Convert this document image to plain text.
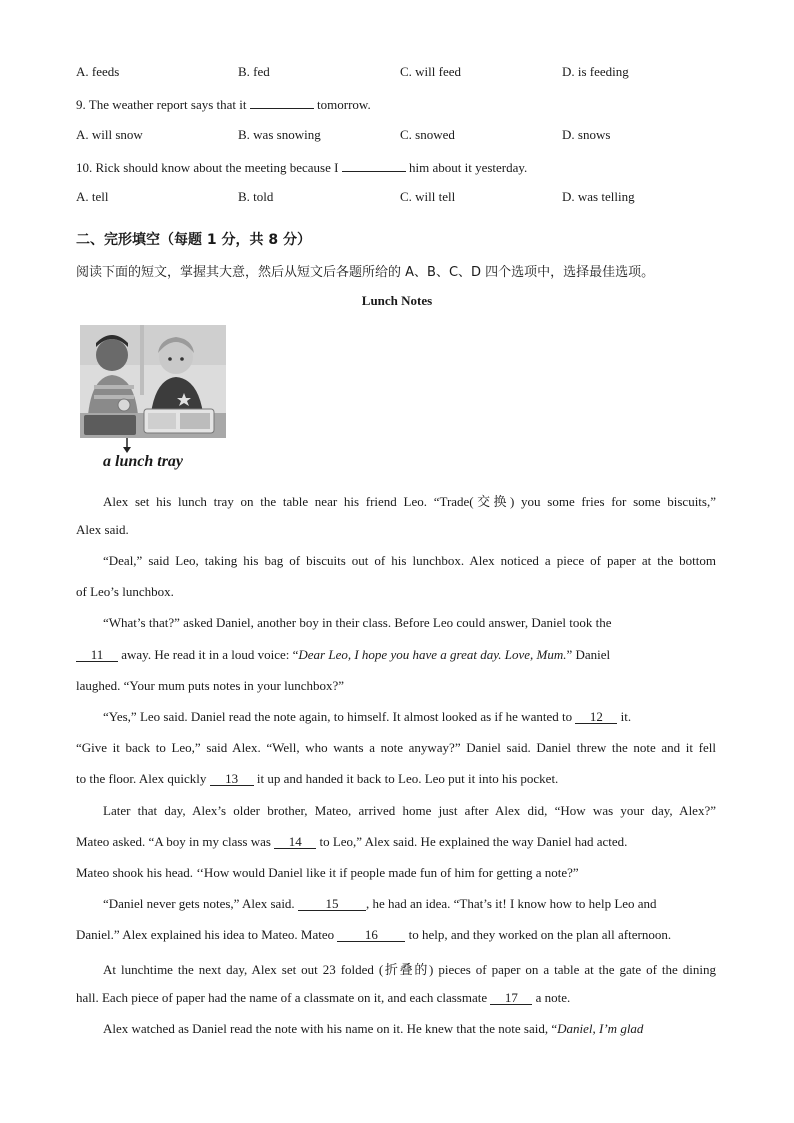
A. feeds	B. fed	C. will feed	D. is feeding
9. The weather report says that it	tomorrow.
A. will snow	B. was snowing	C. snowed	D. snows
10. Rick should know about the meeting because I	him about it yesterday.
A. tell	B. told	C. will tell	D. was telling
二、完形填空（每题 1 分，共 8 分）
阅读下面的短文，掌握其大意，然后从短文后各题所给的 A、B、C、D 四个选项中，选择最佳选项。
Lunch Notes
a lunch tray
Alex set his lunch tray on the table near his friend Leo. “Trade(交换) you some fries for some biscuits,”
Alex said.
“Deal,” said Leo, taking his bag of biscuits out of his lunchbox. Alex noticed a piece of paper at the bottom
of Leo’s lunchbox.
“What’s that?” asked Daniel, another boy in their class. Before Leo could answer, Daniel took the
11 away. He read it in a loud voice: “Dear Leo, I hope you have a great day. Love, Mum.” Daniel
laughed. “Your mum puts notes in your lunchbox?”
“Yes,” Leo said. Daniel read the note again, to himself. It almost looked as if he wanted to 12 it.
“Give it back to Leo,” said Alex. “Well, who wants a note anyway?” Daniel said. Daniel threw the note and it fell
to the floor. Alex quickly 13 it up and handed it back to Leo. Leo put it into his pocket.
Later that day, Alex’s older brother, Mateo, arrived home just after Alex did, “How was your day, Alex?”
Mateo asked. “A boy in my class was 14 to Leo,” Alex said. He explained the way Daniel had acted.
Mateo shook his head. ‘‘How would Daniel like it if people made fun of him for getting a note?”
“Daniel never gets notes,” Alex said. 15 , he had an idea. “That’s it! I know how to help Leo and
Daniel.” Alex explained his idea to Mateo. Mateo 16 to help, and they worked on the plan all afternoon.
At lunchtime the next day, Alex set out 23 folded (折叠的) pieces of paper on a table at the gate of the dining
hall. Each piece of paper had the name of a classmate on it, and each classmate 17 a note.
Alex watched as Daniel read the note with his name on it. He knew that the note said, “Daniel, I’m glad
